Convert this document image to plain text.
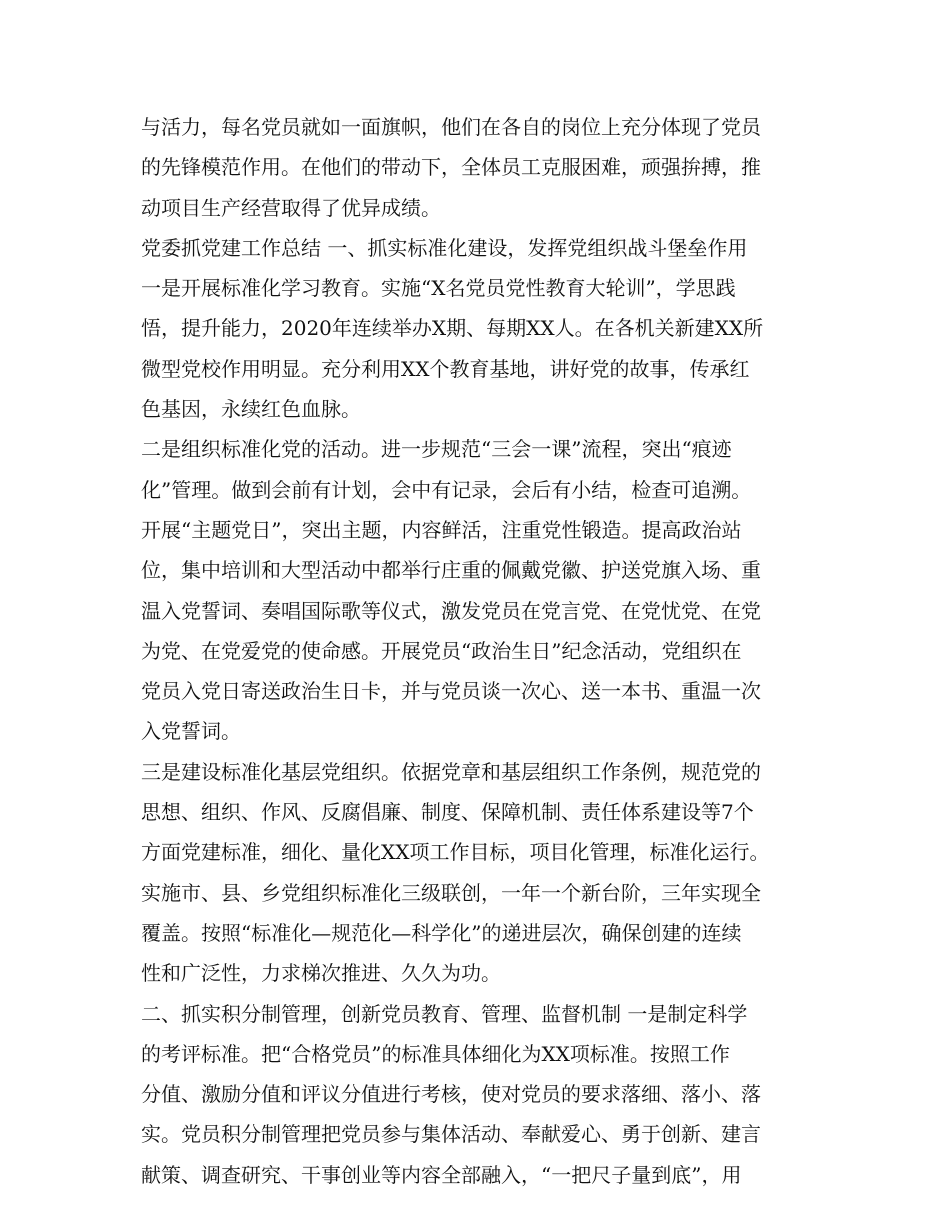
与活力，每名党员就如一面旗帜，他们在各自的岗位上充分体现了党员
的先锋模范作用。在他们的带动下，全体员工克服困难，顽强拚搏，推
动项目生产经营取得了优异成绩。
党委抓党建工作总结 一、抓实标准化建设，发挥党组织战斗堡垒作用
一是开展标准化学习教育。实施“X名党员党性教育大轮训”，学思践
悟，提升能力，2020年连续举办X期、每期XX人。在各机关新建XX所
微型党校作用明显。充分利用XX个教育基地，讲好党的故事，传承红
色基因，永续红色血脉。
二是组织标准化党的活动。进一步规范“三会一课”流程，突出“痕迹
化”管理。做到会前有计划，会中有记录，会后有小结，检查可追溯。
开展“主题党日”，突出主题，内容鲜活，注重党性锻造。提高政治站
位，集中培训和大型活动中都举行庄重的佩戴党徽、护送党旗入场、重
温入党誓词、奏唱国际歌等仪式，激发党员在党言党、在党忧党、在党
为党、在党爱党的使命感。开展党员“政治生日”纪念活动，党组织在
党员入党日寄送政治生日卡，并与党员谈一次心、送一本书、重温一次
入党誓词。
三是建设标准化基层党组织。依据党章和基层组织工作条例，规范党的
思想、组织、作风、反腐倡廉、制度、保障机制、责任体系建设等7个
方面党建标准，细化、量化XX项工作目标，项目化管理，标准化运行。
实施市、县、乡党组织标准化三级联创，一年一个新台阶，三年实现全
覆盖。按照“标准化—规范化—科学化”的递进层次，确保创建的连续
性和广泛性，力求梯次推进、久久为功。
二、抓实积分制管理，创新党员教育、管理、监督机制 一是制定科学
的考评标准。把“合格党员”的标准具体细化为XX项标准。按照工作
分值、激励分值和评议分值进行考核，使对党员的要求落细、落小、落
实。党员积分制管理把党员参与集体活动、奉献爱心、勇于创新、建言
献策、调查研究、干事创业等内容全部融入，“一把尺子量到底”，用
